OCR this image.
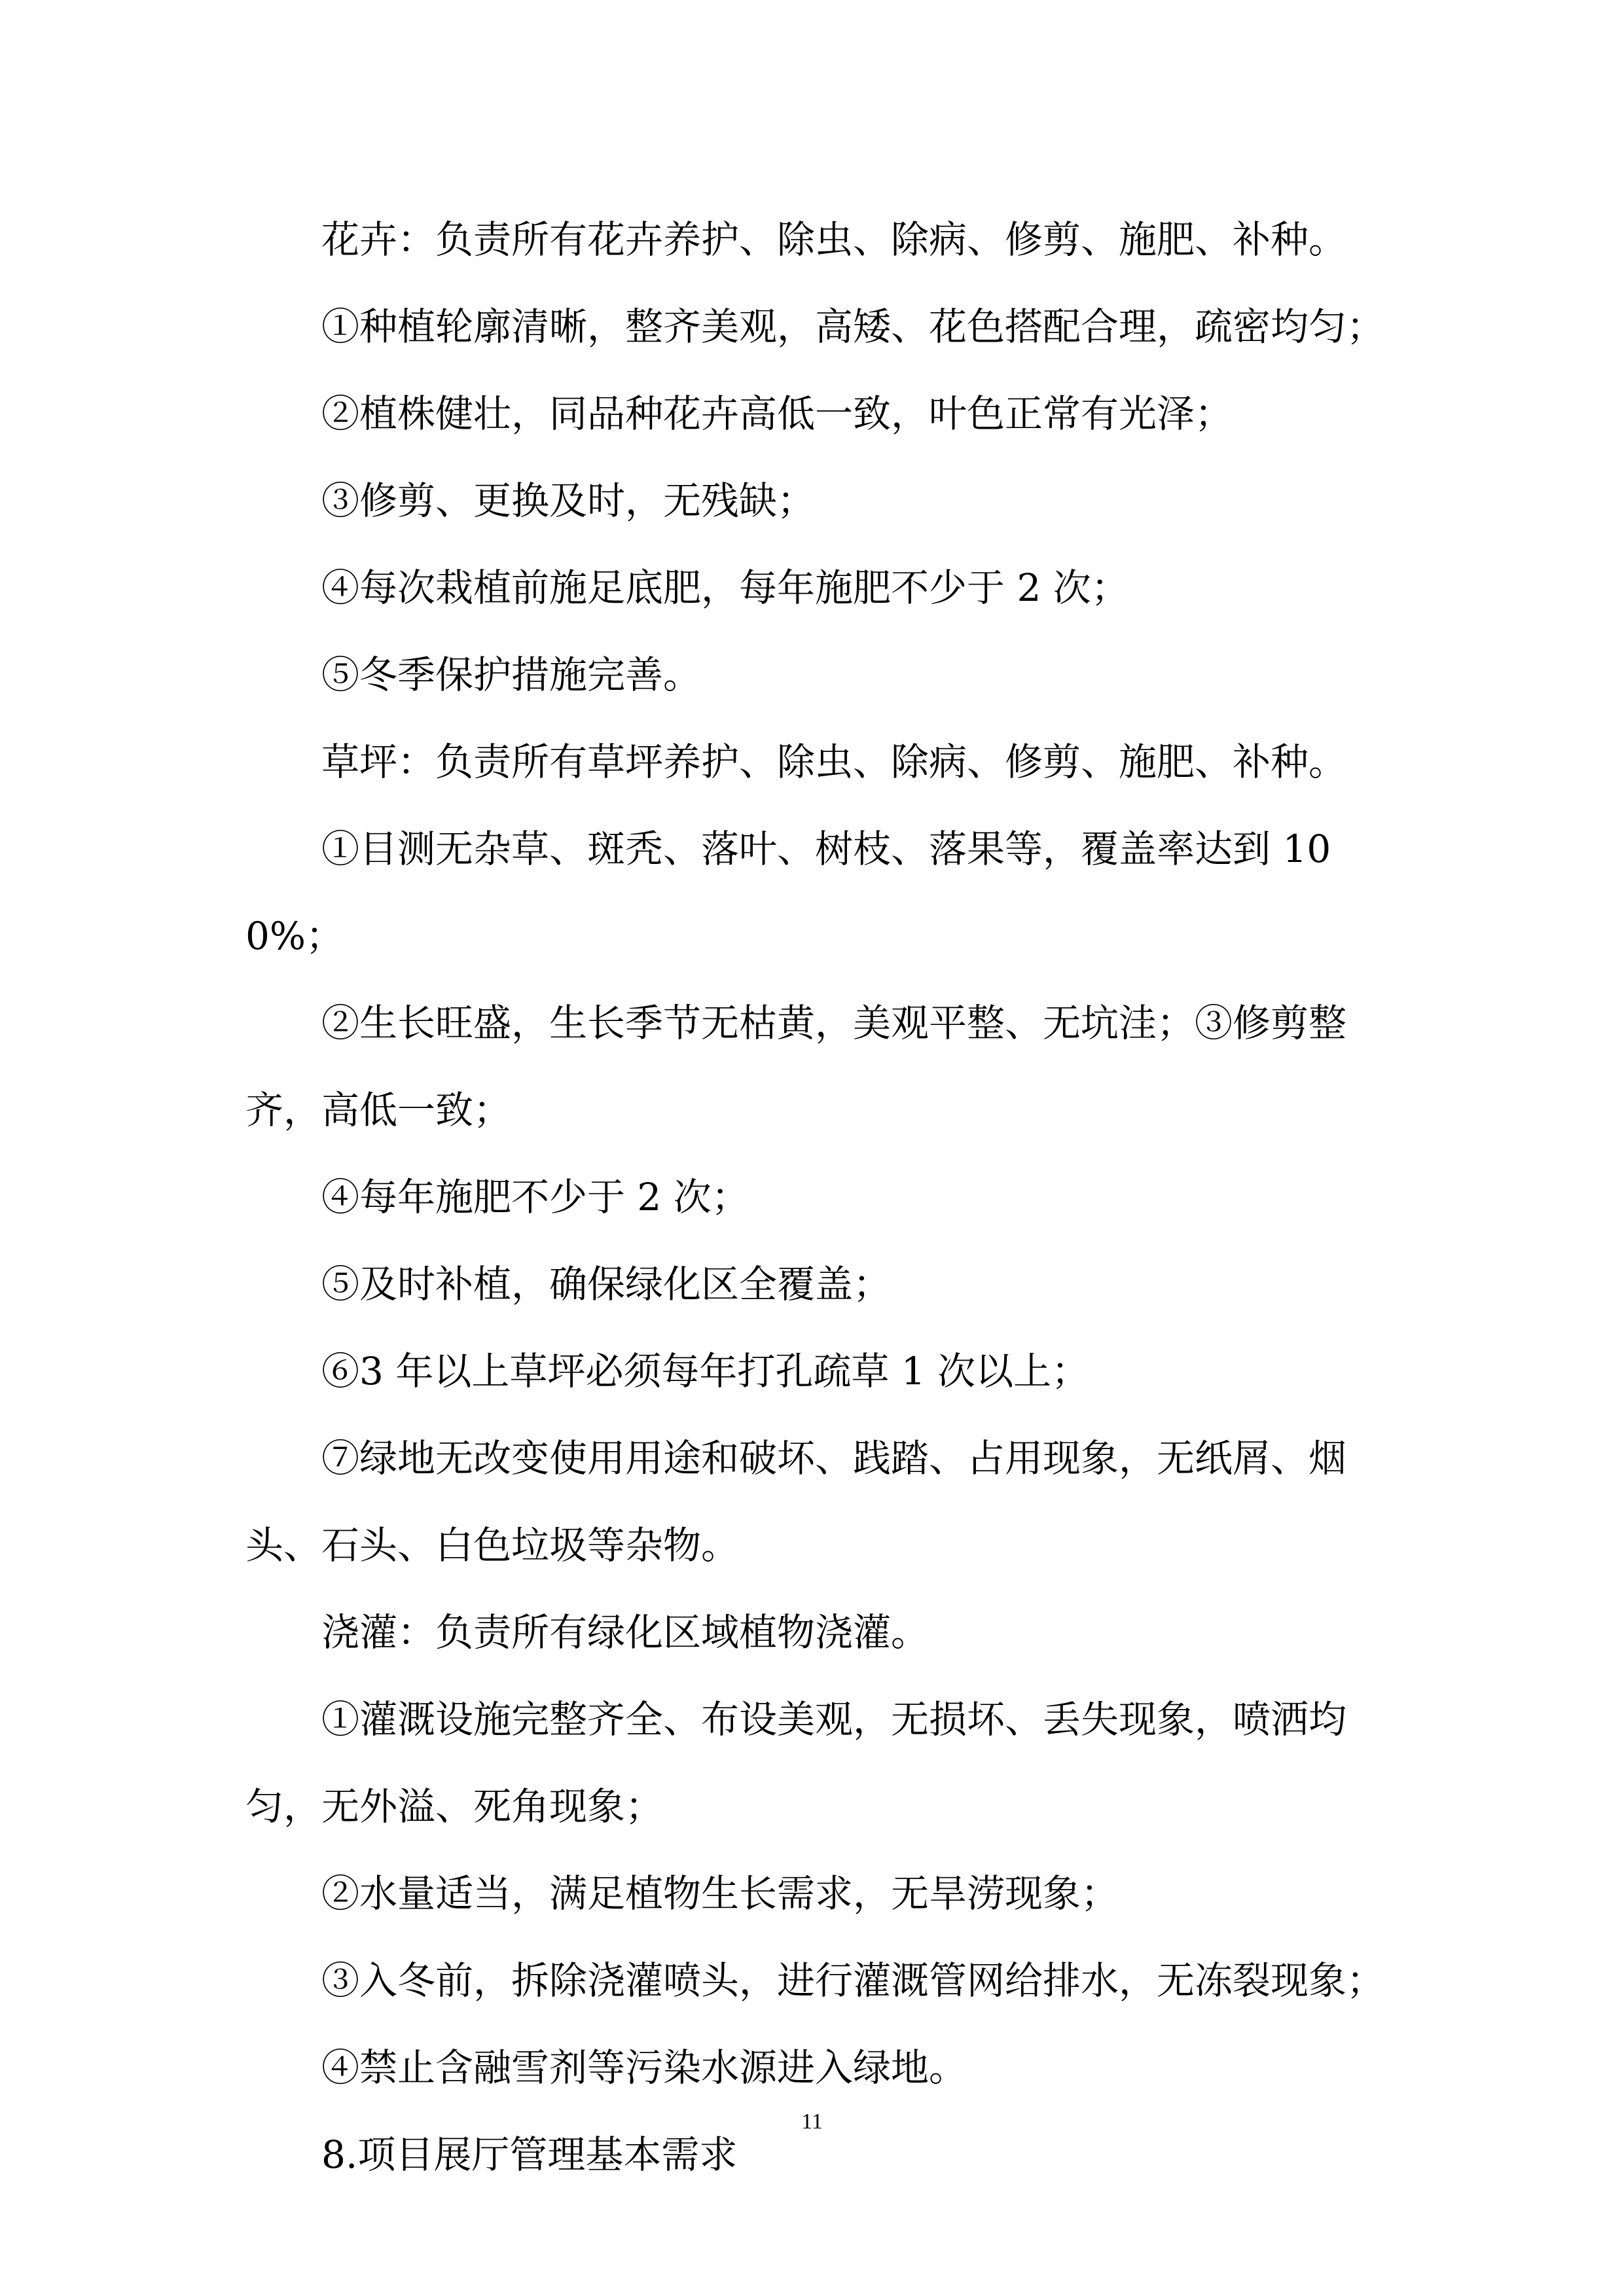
花卉：负责所有花卉养护、除虫、除病、修剪、施肥、补种。

①种植轮廓清晰，整齐美观，高矮、花色搭配合理，疏密均匀；

②植株健壮，同品种花卉高低一致，叶色正常有光泽；

③修剪、更换及时，无残缺；

④每次栽植前施足底肥，每年施肥不少于 2 次；

⑤冬季保护措施完善。

草坪：负责所有草坪养护、除虫、除病、修剪、施肥、补种。

①目测无杂草、斑秃、落叶、树枝、落果等，覆盖率达到 100%；

②生长旺盛，生长季节无枯黄，美观平整、无坑洼；③修剪整齐，高低一致；

④每年施肥不少于 2 次；

⑤及时补植，确保绿化区全覆盖；

⑥3 年以上草坪必须每年打孔疏草 1 次以上；

⑦绿地无改变使用用途和破坏、践踏、占用现象，无纸屑、烟头、石头、白色垃圾等杂物。

浇灌：负责所有绿化区域植物浇灌。

①灌溉设施完整齐全、布设美观，无损坏、丢失现象，喷洒均匀，无外溢、死角现象；

②水量适当，满足植物生长需求，无旱涝现象；

③入冬前，拆除浇灌喷头，进行灌溉管网给排水，无冻裂现象；

④禁止含融雪剂等污染水源进入绿地。

8.项目展厅管理基本需求

11
